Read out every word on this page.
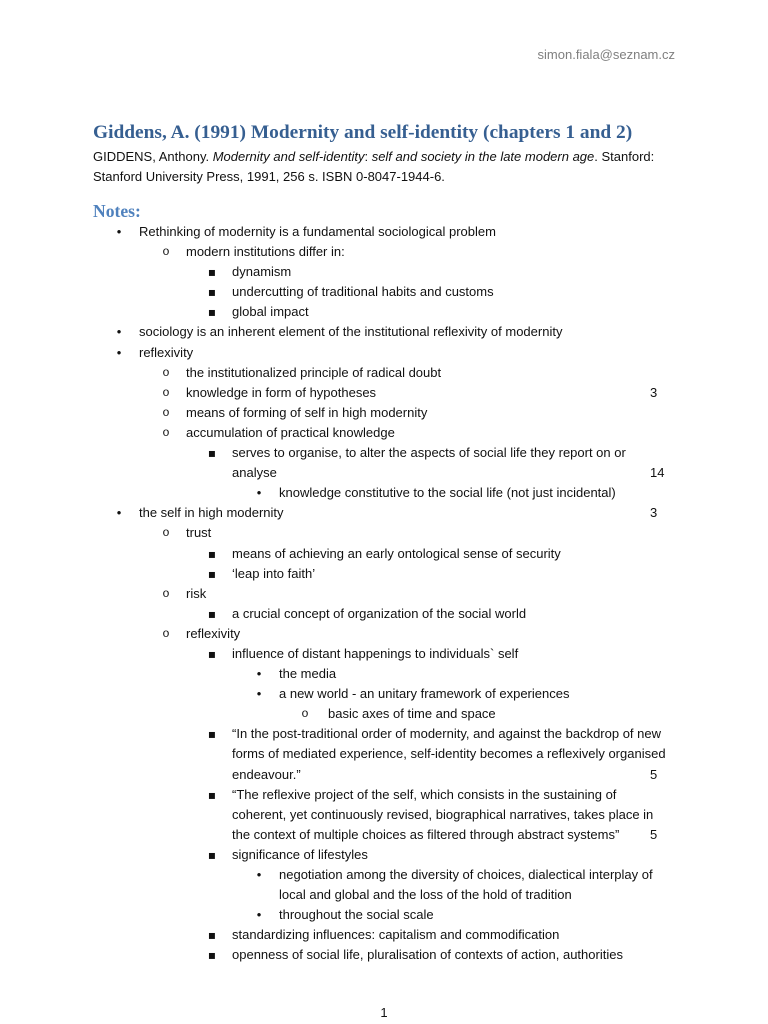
simon.fiala@seznam.cz
Giddens, A. (1991) Modernity and self-identity (chapters 1 and 2)
GIDDENS, Anthony. Modernity and self-identity: self and society in the late modern age. Stanford:
Stanford University Press, 1991, 256 s. ISBN 0-8047-1944-6.
Notes:
• Rethinking of modernity is a fundamental sociological problem
o modern institutions differ in:
▪ dynamism
▪ undercutting of traditional habits and customs
▪ global impact
• sociology is an inherent element of the institutional reflexivity of modernity
• reflexivity
o the institutionalized principle of radical doubt
o knowledge in form of hypotheses	3
o means of forming of self in high modernity
o accumulation of practical knowledge
▪ serves to organise, to alter the aspects of social life they report on or
analyse	14
• knowledge constitutive to the social life (not just incidental)
• the self in high modernity	3
o trust
▪ means of achieving an early ontological sense of security
▪ ‘leap into faith’
o risk
▪ a crucial concept of organization of the social world
o reflexivity
▪ influence of distant happenings to individuals` self
• the media
• a new world - an unitary framework of experiences
o basic axes of time and space
▪ “In the post-traditional order of modernity, and against the backdrop of new
forms of mediated experience, self-identity becomes a reflexively organised
endeavour.”	5
▪ “The reflexive project of the self, which consists in the sustaining of
coherent, yet continuously revised, biographical narratives, takes place in
the context of multiple choices as filtered through abstract systems” 5
▪ significance of lifestyles
• negotiation among the diversity of choices, dialectical interplay of
local and global and the loss of the hold of tradition
• throughout the social scale
▪ standardizing influences: capitalism and commodification
▪ openness of social life, pluralisation of contexts of action, authorities
1
